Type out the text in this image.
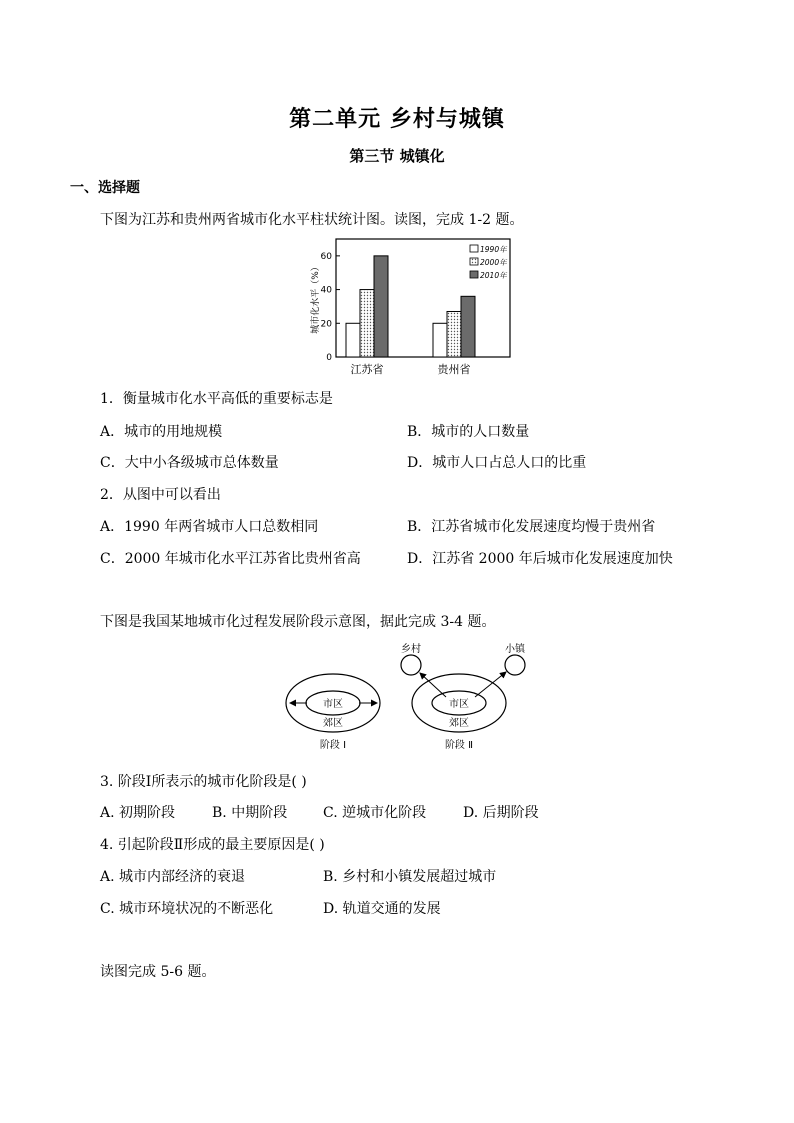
第二单元 乡村与城镇
第三节 城镇化
一、选择题
下图为江苏和贵州两省城市化水平柱状统计图。读图，完成 1-2 题。
0
20
40
60
城市化水平（%）
江苏省	贵州省
1990年
2000年
2010年
1．衡量城市化水平高低的重要标志是
A．城市的用地规模	B．城市的人口数量
C．大中小各级城市总体数量	D．城市人口占总人口的比重
2．从图中可以看出
A．1990 年两省城市人口总数相同	B．江苏省城市化发展速度均慢于贵州省
C．2000 年城市化水平江苏省比贵州省高	D．江苏省 2000 年后城市化发展速度加快
下图是我国某地城市化过程发展阶段示意图，据此完成 3-4 题。
市区
郊区
阶段 Ⅰ
乡村	小镇
市区
郊区
阶段 Ⅱ
3. 阶段Ⅰ所表示的城市化阶段是( )
A. 初期阶段	B. 中期阶段	C. 逆城市化阶段	D. 后期阶段
4. 引起阶段Ⅱ形成的最主要原因是( )
A. 城市内部经济的衰退	B. 乡村和小镇发展超过城市
C. 城市环境状况的不断恶化	D. 轨道交通的发展
读图完成 5-6 题。
